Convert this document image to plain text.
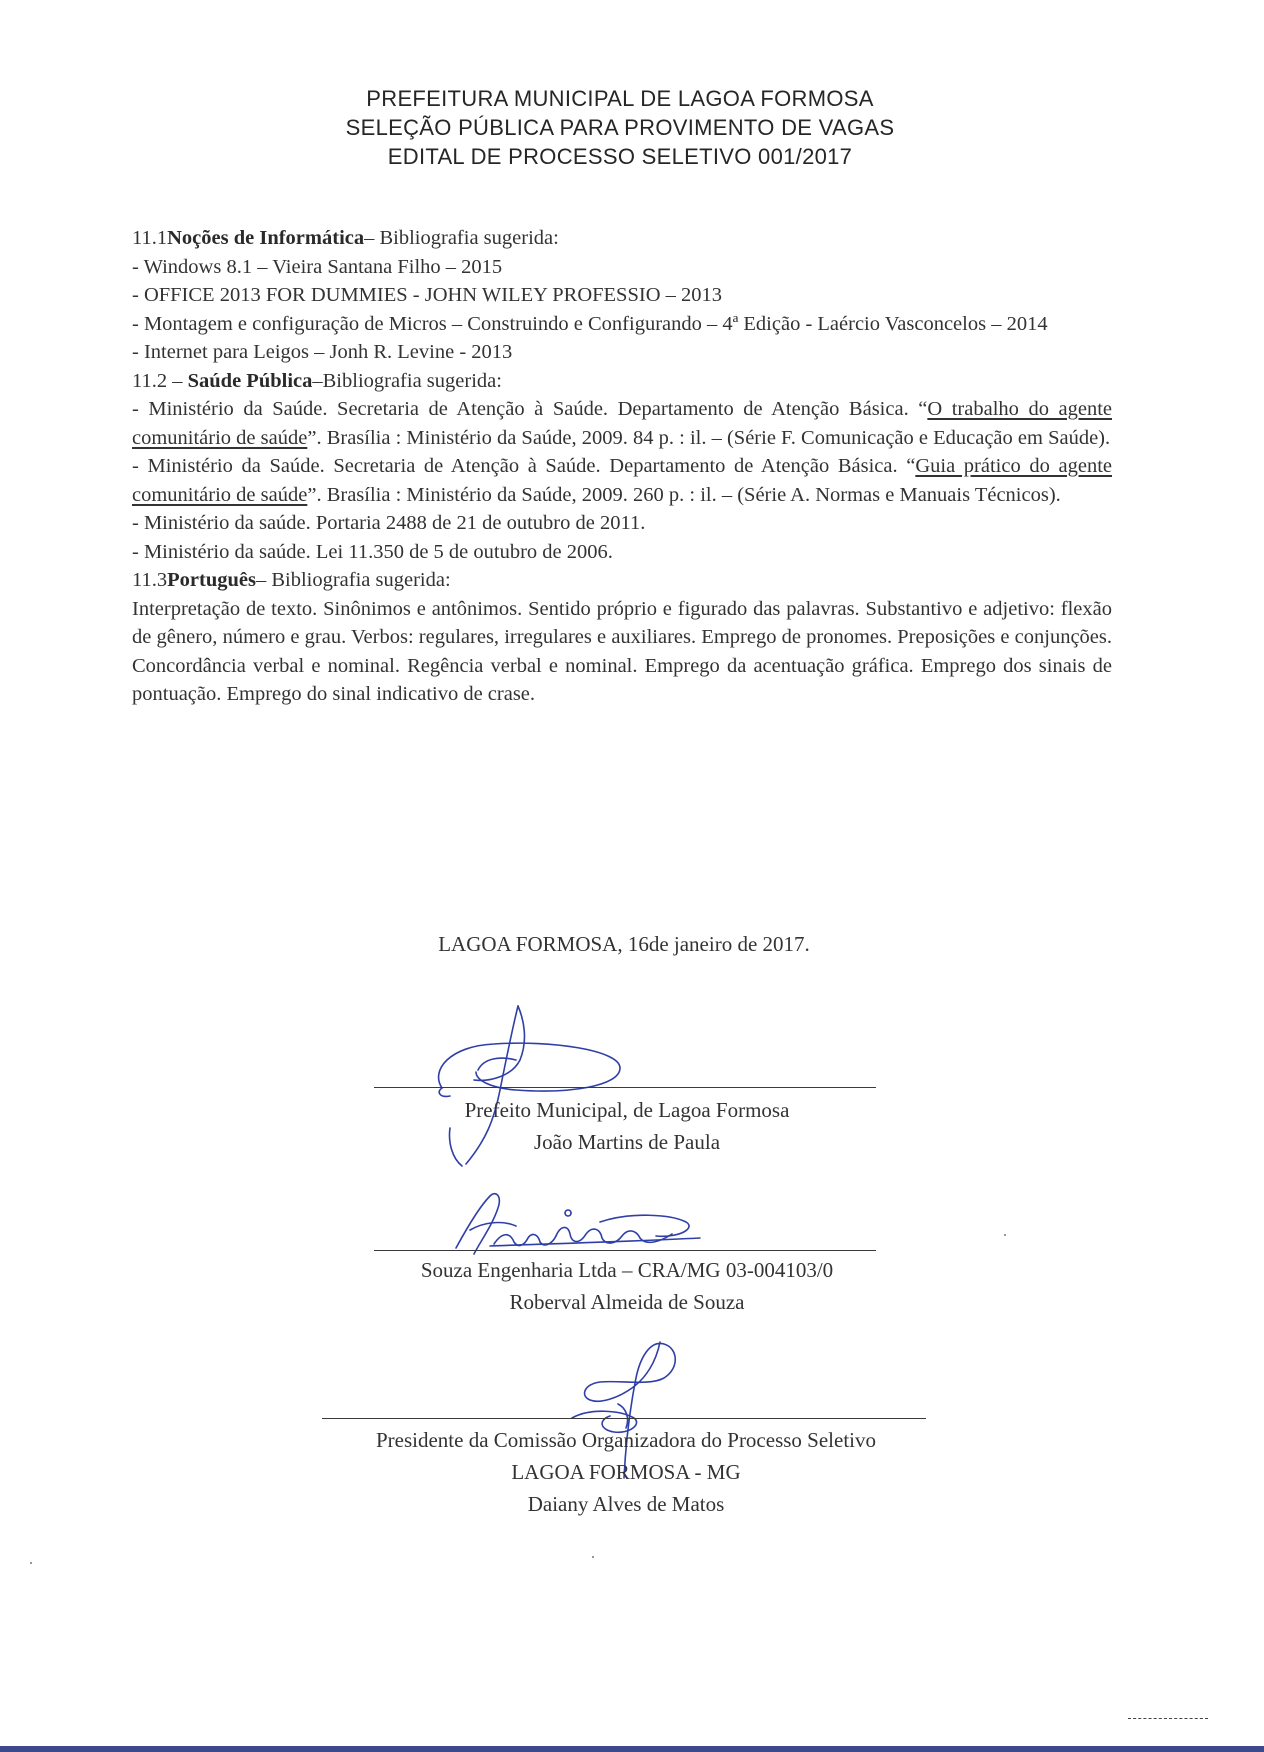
PREFEITURA MUNICIPAL DE LAGOA FORMOSA
SELEÇÃO PÚBLICA PARA PROVIMENTO DE VAGAS
EDITAL DE PROCESSO SELETIVO 001/2017

11.1Noções de Informática– Bibliografia sugerida:

- Windows 8.1 – Vieira Santana Filho – 2015

- OFFICE 2013 FOR DUMMIES - JOHN WILEY PROFESSIO – 2013

- Montagem e configuração de Micros – Construindo e Configurando – 4ª Edição - Laércio Vasconcelos – 2014

- Internet para Leigos – Jonh R. Levine - 2013

11.2 – Saúde Pública–Bibliografia sugerida:

- Ministério da Saúde. Secretaria de Atenção à Saúde. Departamento de Atenção Básica. “O trabalho do agente comunitário de saúde”. Brasília : Ministério da Saúde, 2009. 84 p. : il. – (Série F. Comunicação e Educação em Saúde).

- Ministério da Saúde. Secretaria de Atenção à Saúde. Departamento de Atenção Básica. “Guia prático do agente comunitário de saúde”. Brasília : Ministério da Saúde, 2009. 260 p. : il. – (Série A. Normas e Manuais Técnicos).

- Ministério da saúde. Portaria 2488 de 21 de outubro de 2011.

- Ministério da saúde. Lei 11.350 de 5 de outubro de 2006.

11.3Português– Bibliografia sugerida:

Interpretação de texto. Sinônimos e antônimos. Sentido próprio e figurado das palavras. Substantivo e adjetivo: flexão de gênero, número e grau. Verbos: regulares, irregulares e auxiliares. Emprego de pronomes. Preposições e conjunções. Concordância verbal e nominal. Regência verbal e nominal. Emprego da acentuação gráfica. Emprego dos sinais de pontuação. Emprego do sinal indicativo de crase.

LAGOA FORMOSA, 16de janeiro de 2017.
Prefeito Municipal, de Lagoa Formosa
João Martins de Paula
Souza Engenharia Ltda – CRA/MG 03-004103/0
Roberval Almeida de Souza
Presidente da Comissão Organizadora do Processo Seletivo
LAGOA FORMOSA - MG
Daiany Alves de Matos
